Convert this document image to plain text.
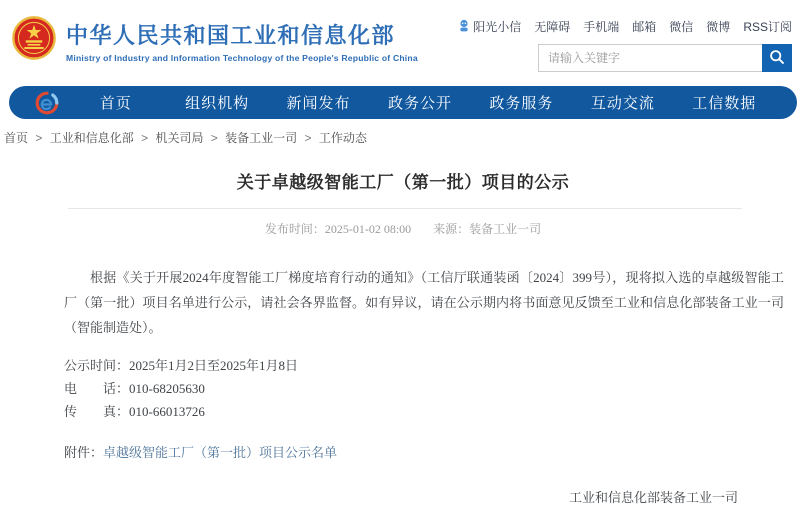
中华人民共和国工业和信息化部
Ministry of Industry and Information Technology of the People's Republic of China
阳光小信 无障碍 手机端 邮箱 微信 微博 RSS订阅
请输入关键字
首页	组织机构	新闻发布	政务公开	政务服务	互动交流	工信数据
首页 > 工业和信息化部 > 机关司局 > 装备工业一司 > 工作动态
关于卓越级智能工厂（第一批）项目的公示
发布时间：2025-01-02 08:00 来源：装备工业一司

根据《关于开展2024年度智能工厂梯度培育行动的通知》（工信厅联通装函〔2024〕399号），现将拟入选的卓越级智能工厂（第一批）项目名单进行公示，请社会各界监督。如有异议，请在公示期内将书面意见反馈至工业和信息化部装备工业一司（智能制造处）。

公示时间：2025年1月2日至2025年1月8日
电　　话：010-68205630
传　　真：010-66013726
附件：卓越级智能工厂（第一批）项目公示名单
工业和信息化部装备工业一司
